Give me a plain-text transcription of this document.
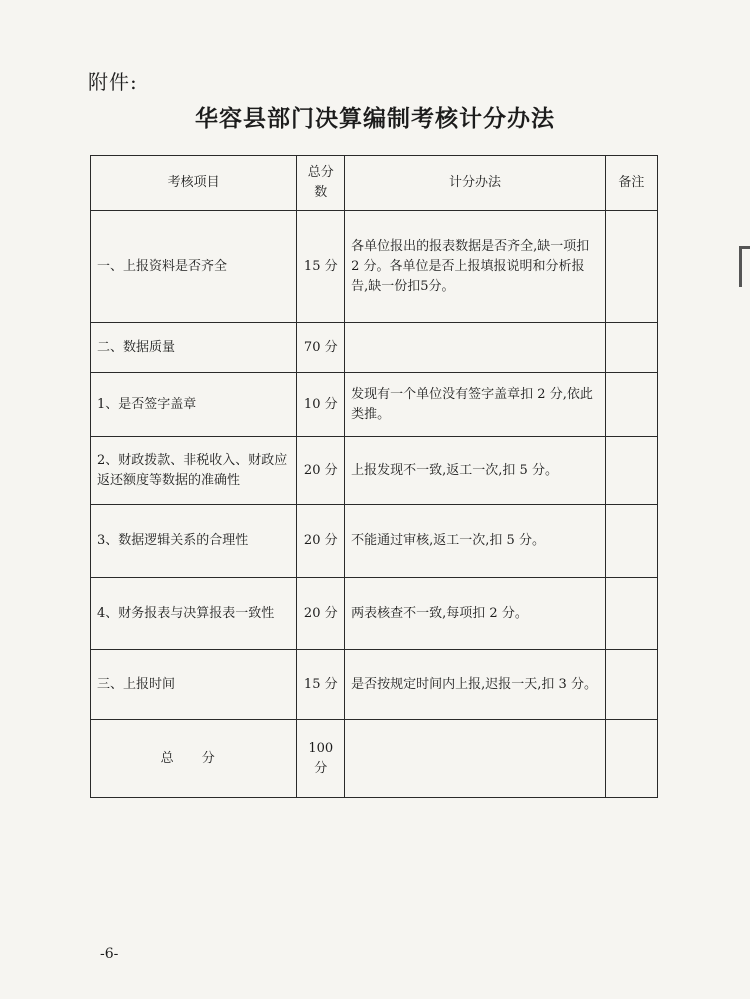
附件:
华容县部门决算编制考核计分办法
考核项目	总分数	计分办法	备注
一、上报资料是否齐全	15 分	各单位报出的报表数据是否齐全,缺一项扣 2 分。各单位是否上报填报说明和分析报告,缺一份扣5分。	
二、数据质量	70 分		
1、是否签字盖章	10 分	发现有一个单位没有签字盖章扣 2 分,依此类推。	
2、财政拨款、非税收入、财政应返还额度等数据的准确性	20 分	上报发现不一致,返工一次,扣 5 分。	
3、数据逻辑关系的合理性	20 分	不能通过审核,返工一次,扣 5 分。	
4、财务报表与决算报表一致性	20 分	两表核查不一致,每项扣 2 分。	
三、上报时间	15 分	是否按规定时间内上报,迟报一天,扣 3 分。	
总 分	100分		
-6-
